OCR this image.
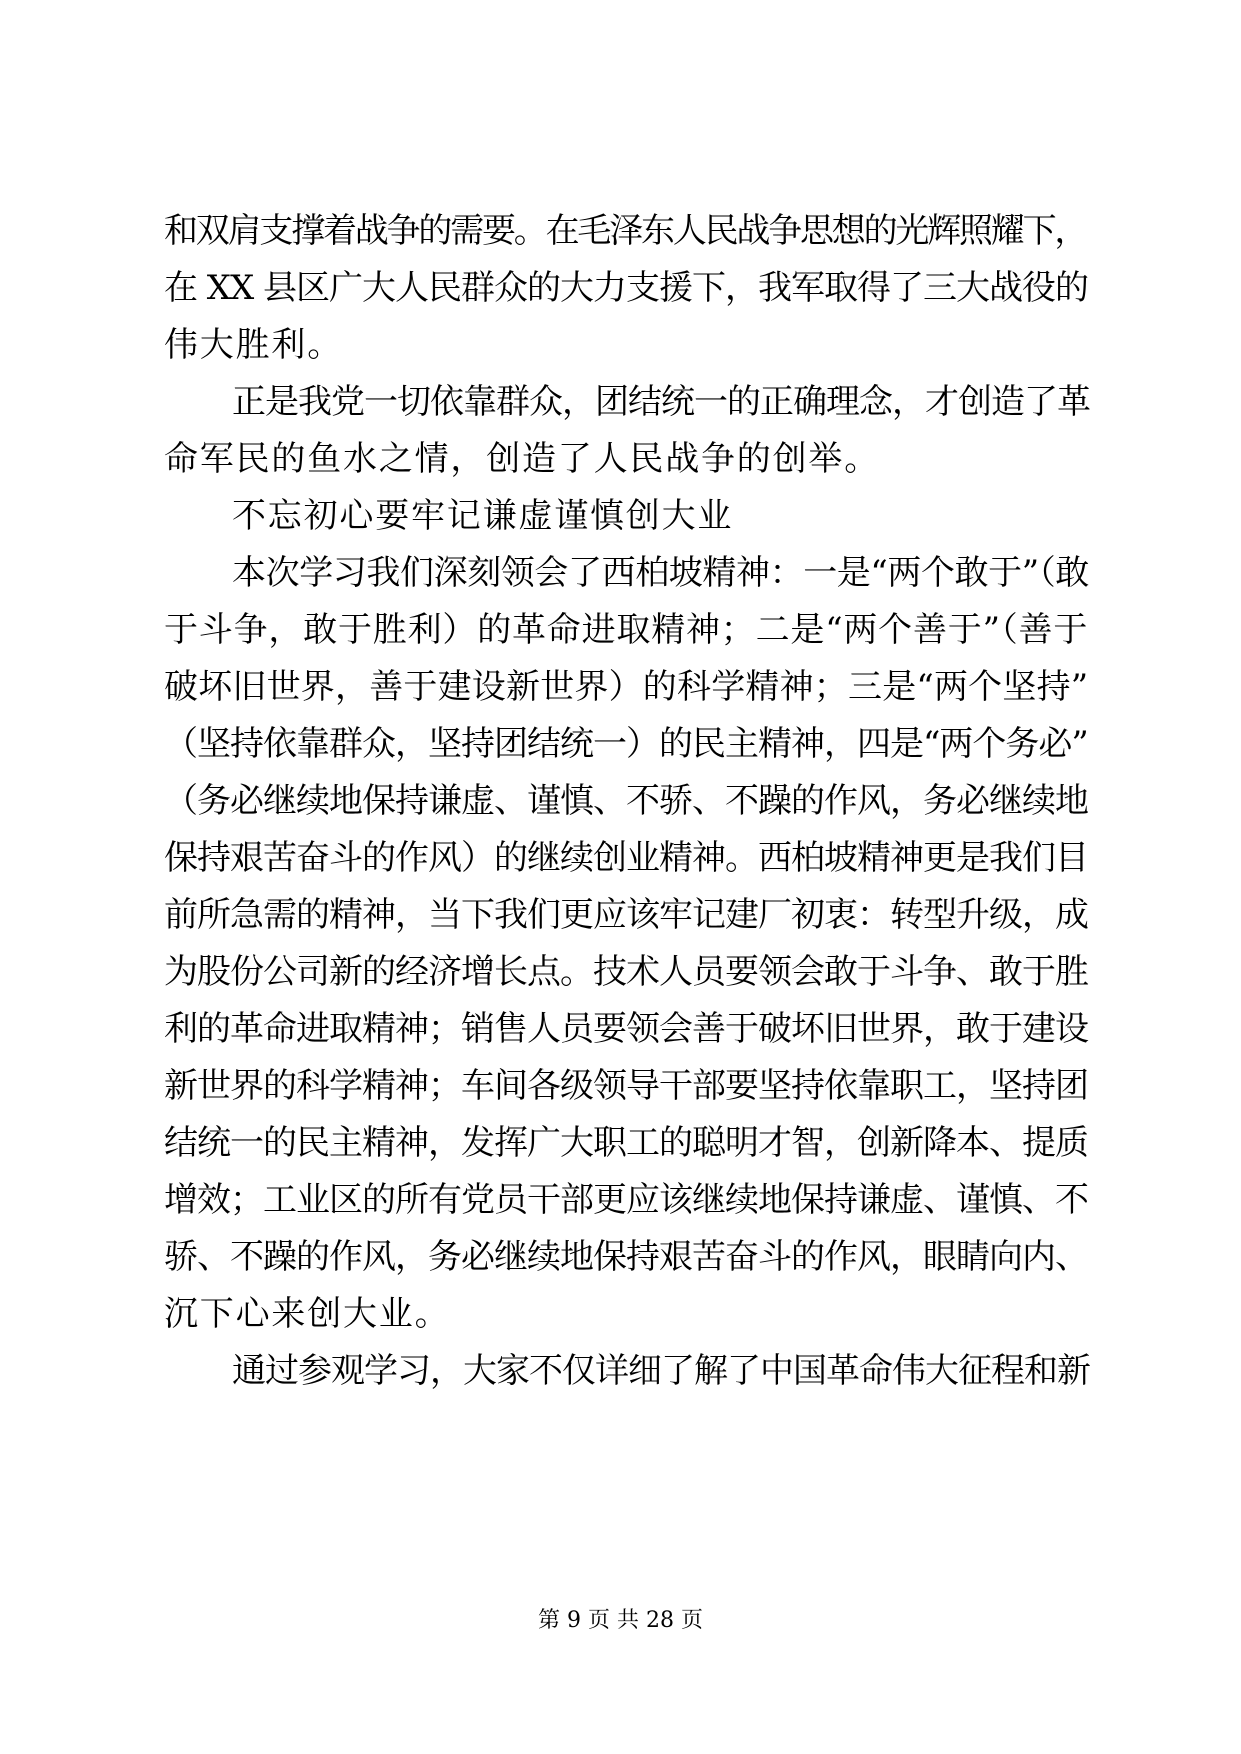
和双肩支撑着战争的需要。在毛泽东人民战争思想的光辉照耀下，

在 XX 县区广大人民群众的大力支援下，我军取得了三大战役的

伟大胜利。

正是我党一切依靠群众，团结统一的正确理念，才创造了革

命军民的鱼水之情，创造了人民战争的创举。

不忘初心要牢记谦虚谨慎创大业

本次学习我们深刻领会了西柏坡精神：一是“两个敢于”（敢

于斗争，敢于胜利）的革命进取精神；二是“两个善于”（善于

破坏旧世界，善于建设新世界）的科学精神；三是“两个坚持”

（坚持依靠群众，坚持团结统一）的民主精神，四是“两个务必”

（务必继续地保持谦虚、谨慎、不骄、不躁的作风，务必继续地

保持艰苦奋斗的作风）的继续创业精神。西柏坡精神更是我们目

前所急需的精神，当下我们更应该牢记建厂初衷：转型升级，成

为股份公司新的经济增长点。技术人员要领会敢于斗争、敢于胜

利的革命进取精神；销售人员要领会善于破坏旧世界，敢于建设

新世界的科学精神；车间各级领导干部要坚持依靠职工，坚持团

结统一的民主精神，发挥广大职工的聪明才智，创新降本、提质

增效；工业区的所有党员干部更应该继续地保持谦虚、谨慎、不

骄、不躁的作风，务必继续地保持艰苦奋斗的作风，眼睛向内、

沉下心来创大业。

通过参观学习，大家不仅详细了解了中国革命伟大征程和新

第 9 页 共 28 页
